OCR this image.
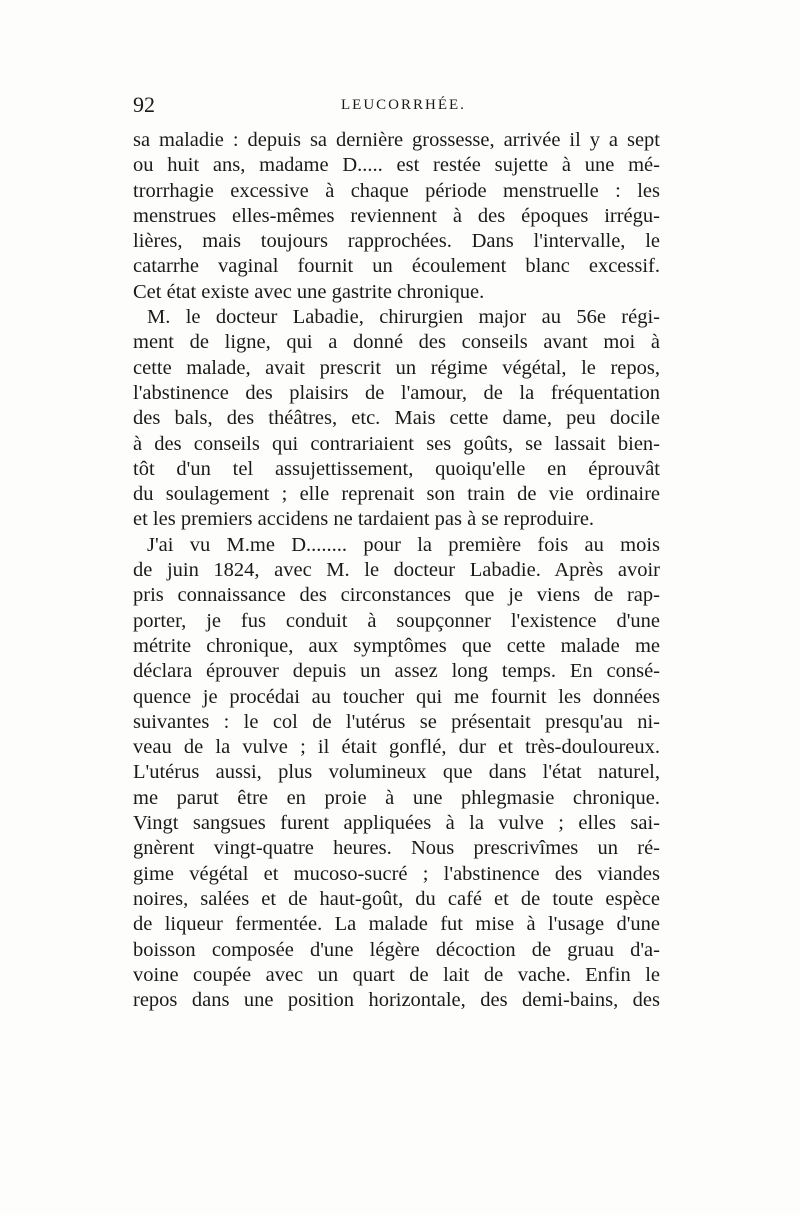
92	LEUCORRHÉE.
sa maladie : depuis sa dernière grossesse, arrivée il y a sept
ou huit ans, madame D..... est restée sujette à une mé-
trorrhagie excessive à chaque période menstruelle : les
menstrues elles-mêmes reviennent à des époques irrégu-
lières, mais toujours rapprochées. Dans l'intervalle, le
catarrhe vaginal fournit un écoulement blanc excessif.
Cet état existe avec une gastrite chronique.
M. le docteur Labadie, chirurgien major au 56e régi-
ment de ligne, qui a donné des conseils avant moi à
cette malade, avait prescrit un régime végétal, le repos,
l'abstinence des plaisirs de l'amour, de la fréquentation
des bals, des théâtres, etc. Mais cette dame, peu docile
à des conseils qui contrariaient ses goûts, se lassait bien-
tôt d'un tel assujettissement, quoiqu'elle en éprouvât
du soulagement ; elle reprenait son train de vie ordinaire
et les premiers accidens ne tardaient pas à se reproduire.
J'ai vu M.me D........ pour la première fois au mois
de juin 1824, avec M. le docteur Labadie. Après avoir
pris connaissance des circonstances que je viens de rap-
porter, je fus conduit à soupçonner l'existence d'une
métrite chronique, aux symptômes que cette malade me
déclara éprouver depuis un assez long temps. En consé-
quence je procédai au toucher qui me fournit les données
suivantes : le col de l'utérus se présentait presqu'au ni-
veau de la vulve ; il était gonflé, dur et très-douloureux.
L'utérus aussi, plus volumineux que dans l'état naturel,
me parut être en proie à une phlegmasie chronique.
Vingt sangsues furent appliquées à la vulve ; elles sai-
gnèrent vingt-quatre heures. Nous prescrivîmes un ré-
gime végétal et mucoso-sucré ; l'abstinence des viandes
noires, salées et de haut-goût, du café et de toute espèce
de liqueur fermentée. La malade fut mise à l'usage d'une
boisson composée d'une légère décoction de gruau d'a-
voine coupée avec un quart de lait de vache. Enfin le
repos dans une position horizontale, des demi-bains, des
